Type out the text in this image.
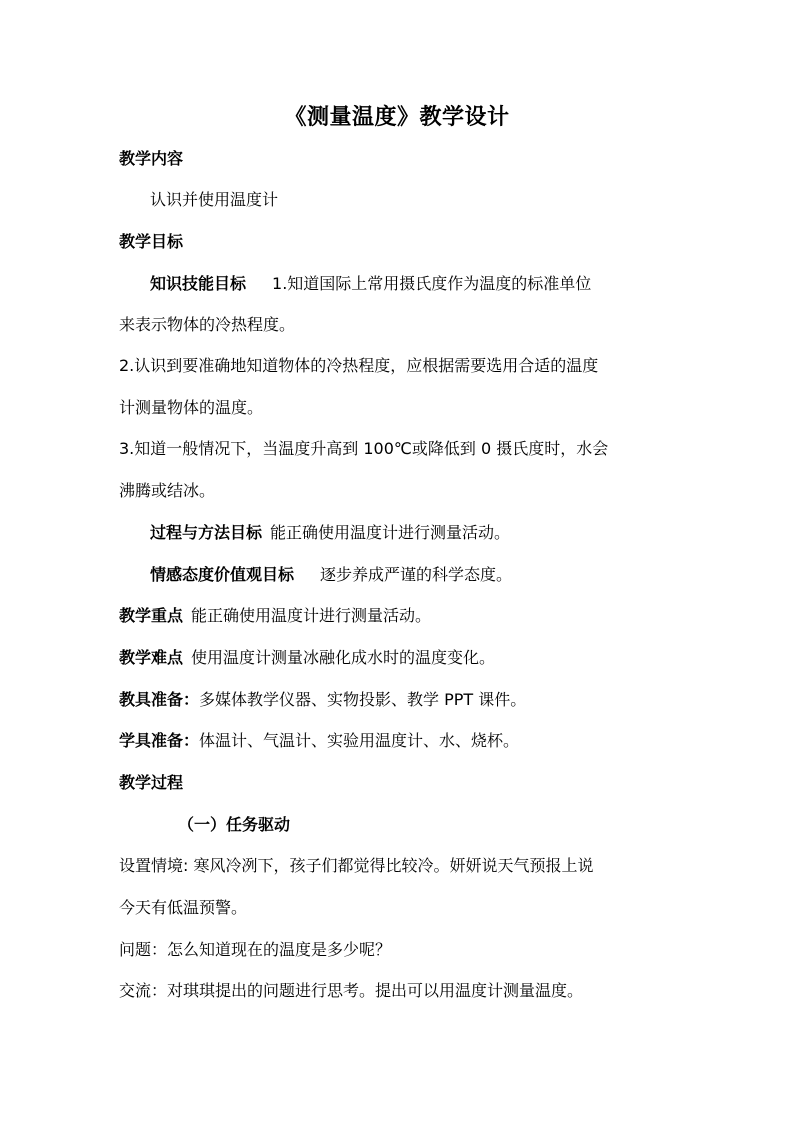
《测量温度》教学设计
教学内容
认识并使用温度计
教学目标
知识技能目标 1.知道国际上常用摄氏度作为温度的标准单位
来表示物体的冷热程度。
2.认识到要准确地知道物体的冷热程度，应根据需要选用合适的温度
计测量物体的温度。
3.知道一般情况下，当温度升高到 100℃或降低到 0 摄氏度时，水会
沸腾或结冰。
过程与方法目标 能正确使用温度计进行测量活动。
情感态度价值观目标 逐步养成严谨的科学态度。
教学重点 能正确使用温度计进行测量活动。
教学难点 使用温度计测量冰融化成水时的温度变化。
教具准备：多媒体教学仪器、实物投影、教学 PPT 课件。
学具准备：体温计、气温计、实验用温度计、水、烧杯。
教学过程
（一）任务驱动
设置情境: 寒风冷冽下，孩子们都觉得比较冷。妍妍说天气预报上说
今天有低温预警。
问题：怎么知道现在的温度是多少呢？
交流：对琪琪提出的问题进行思考。提出可以用温度计测量温度。
